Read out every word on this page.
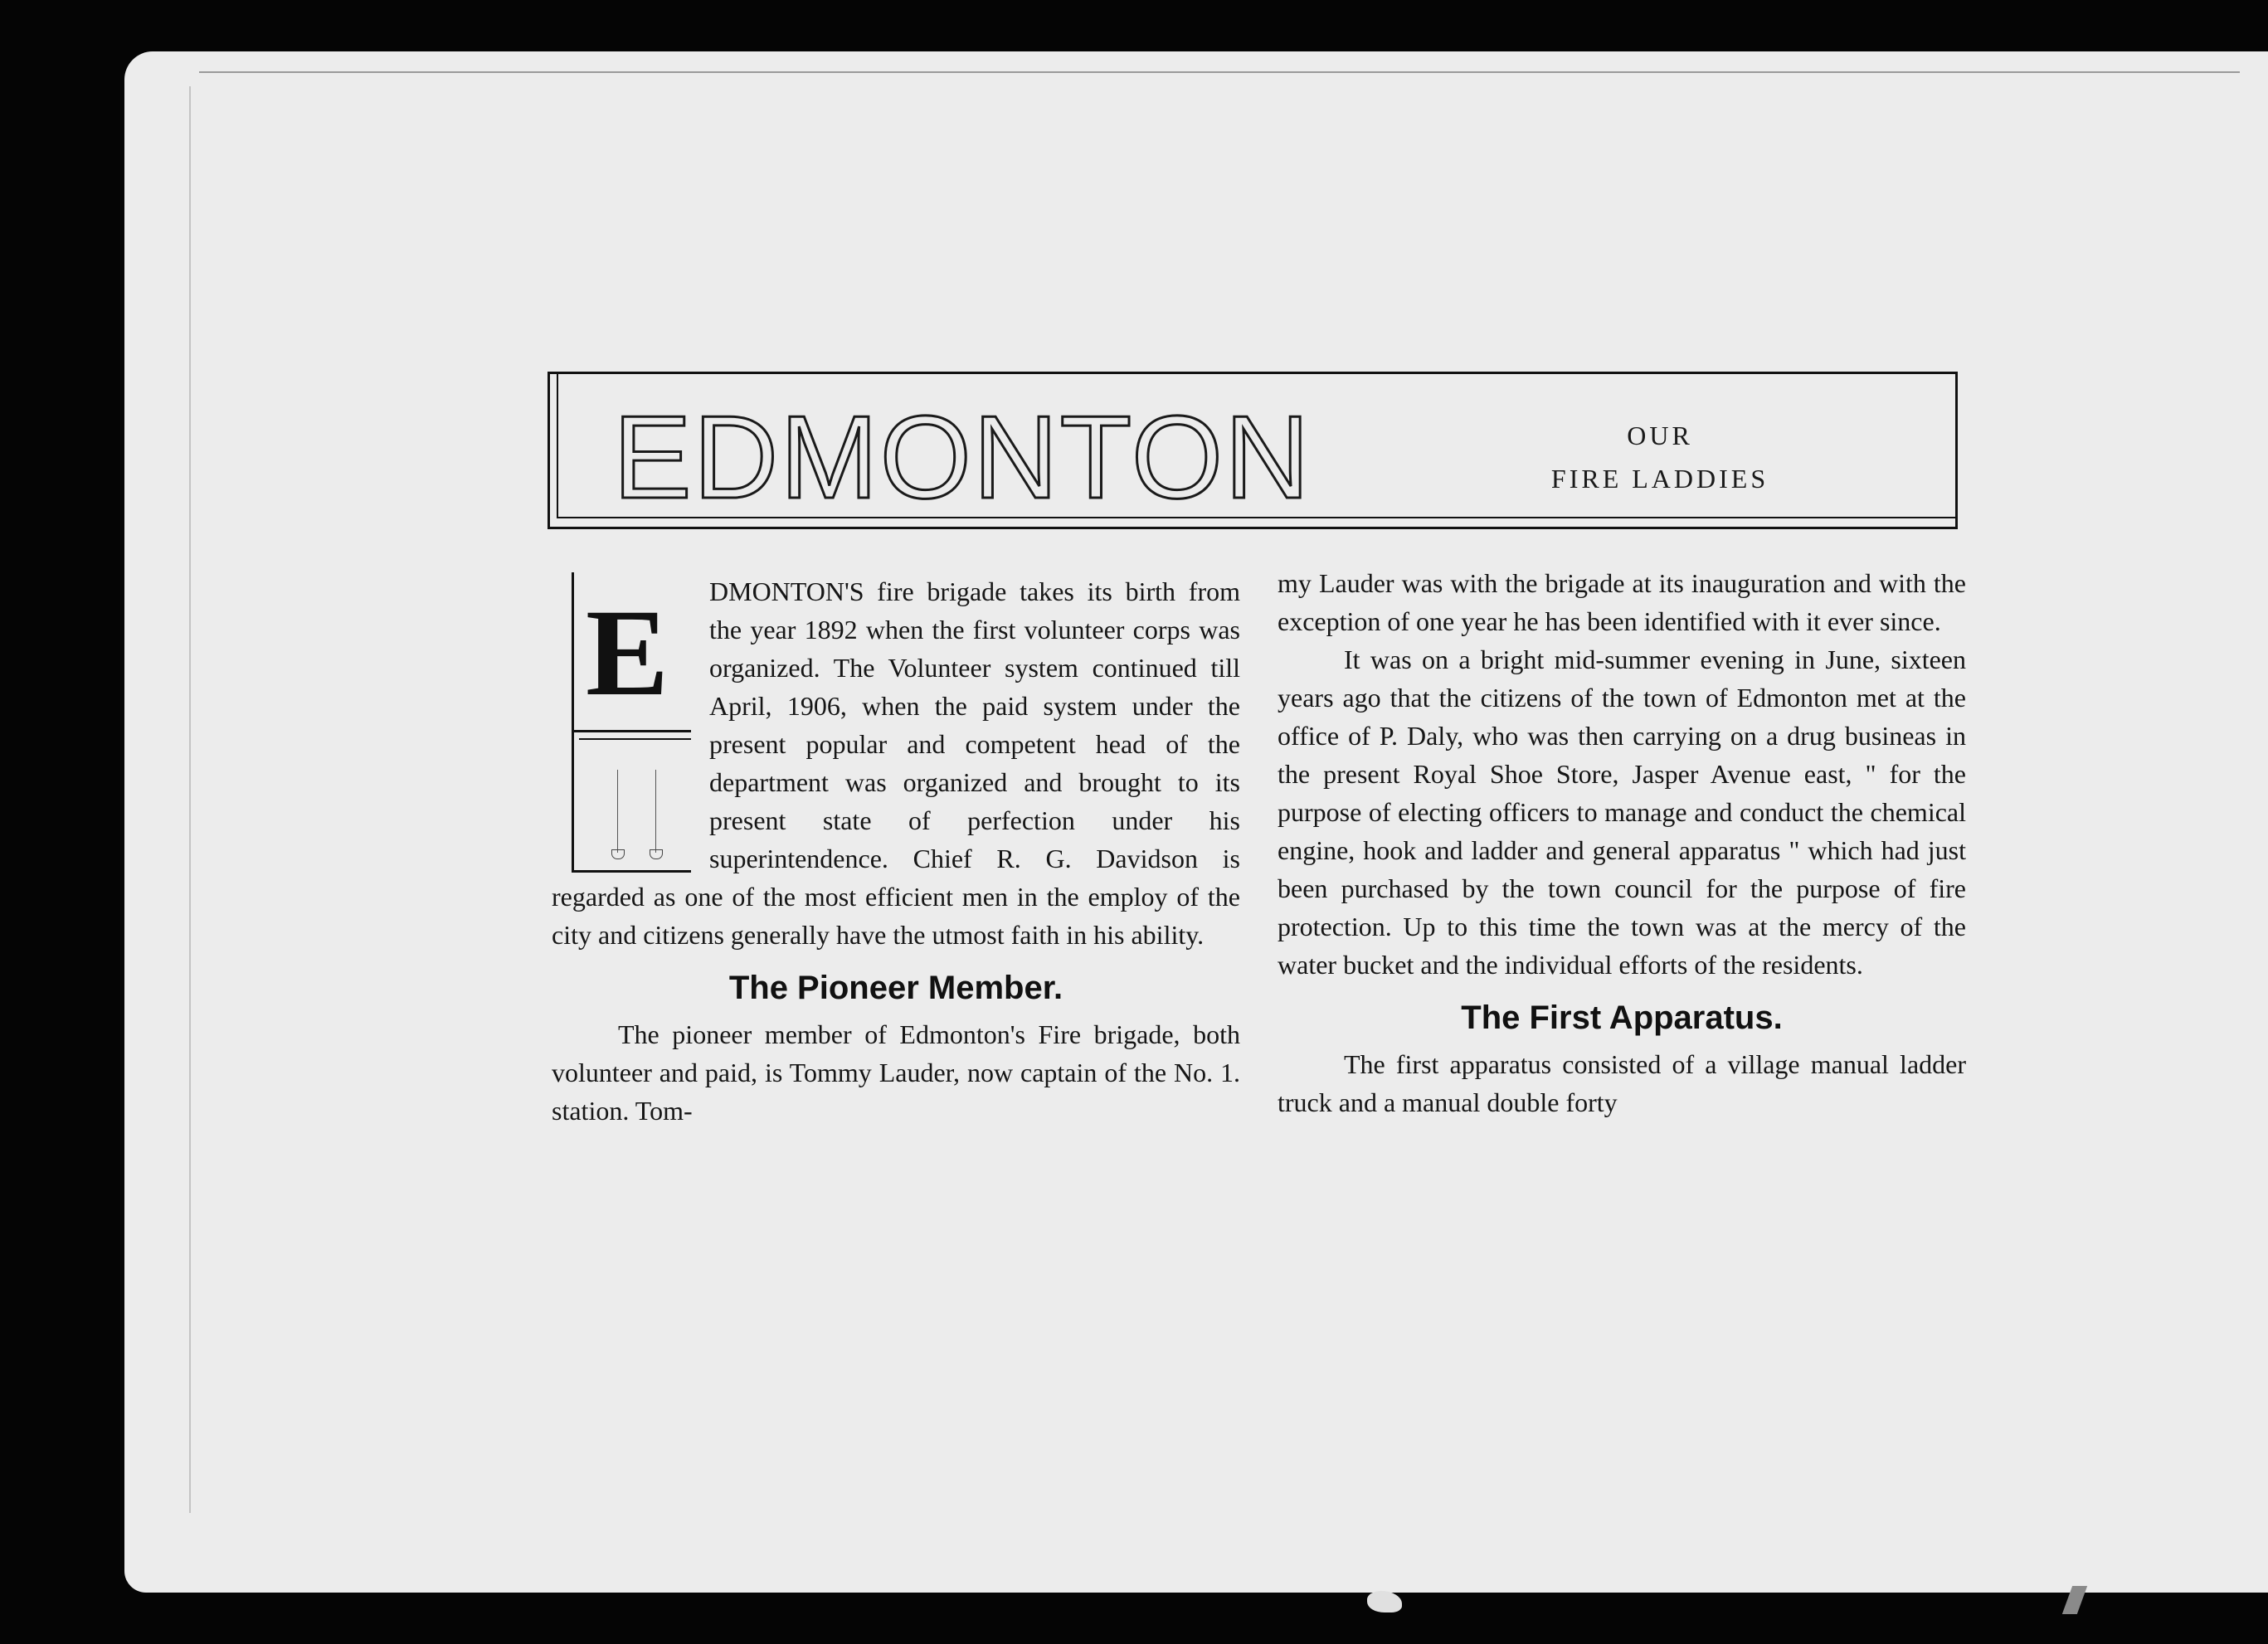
EDMONTON	OUR
FIRE LADDIES
E	DMONTON'S fire brigade takes its birth from the year 1892 when the first volunteer corps was organized. The Volunteer system continued till April, 1906, when the paid system under the present popular and competent head of the department was organized and brought to its present state of perfection under his superintendence. Chief R. G. Davidson is regarded as one of the most efficient men in the employ of the city and citizens generally have the utmost faith in his ability.

The Pioneer Member.

The pioneer member of Edmonton's Fire brigade, both volunteer and paid, is Tommy Lauder, now captain of the No. 1. station. Tom-

my Lauder was with the brigade at its inauguration and with the exception of one year he has been identified with it ever since.

It was on a bright mid-summer evening in June, sixteen years ago that the citizens of the town of Edmonton met at the office of P. Daly, who was then carrying on a drug busineas in the present Royal Shoe Store, Jasper Avenue east, " for the purpose of electing officers to manage and conduct the chemical engine, hook and ladder and general apparatus " which had just been purchased by the town council for the purpose of fire protection. Up to this time the town was at the mercy of the water bucket and the individual efforts of the residents.

The First Apparatus.

The first apparatus consisted of a village manual ladder truck and a manual double forty
